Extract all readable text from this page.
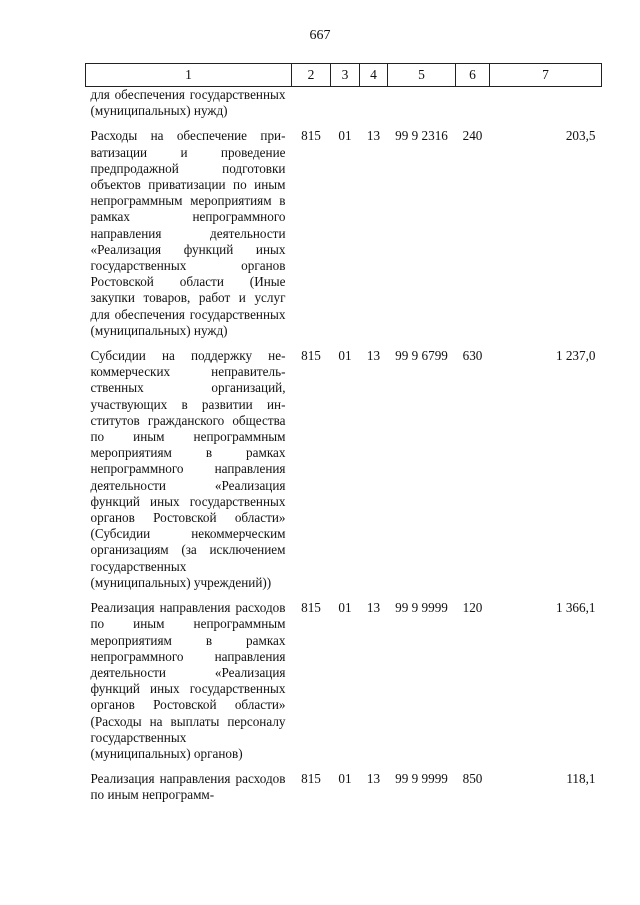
667
1	2	3	4	5	6	7
для обеспечения государственных (муниципальных) нужд)						

Расходы на обеспечение приватизации и проведение предпродажной подготовки объектов приватизации по иным непрограммным мероприятиям в рамках непрограммного направления деятельности «Реализация функций иных государственных органов Ростовской области (Иные закупки товаров, работ и услуг для обеспечения государственных (муниципальных) нужд)	815	01	13	99 9 2316	240	203,5

Субсидии на поддержку некоммерческих неправительственных организаций, участвующих в развитии институтов гражданского общества по иным непрограммным мероприятиям в рамках непрограммного направления деятельности «Реализация функций иных государственных органов Ростовской области» (Субсидии некоммерческим организациям (за исключением государственных (муниципальных) учреждений))	815	01	13	99 9 6799	630	1 237,0

Реализация направления расходов по иным непрограммным мероприятиям в рамках непрограммного направления деятельности «Реализация функций иных государственных органов Ростовской области» (Расходы на выплаты персоналу государственных (муниципальных) органов)	815	01	13	99 9 9999	120	1 366,1

Реализация направления расходов по иным непрограмм-	815	01	13	99 9 9999	850	118,1
